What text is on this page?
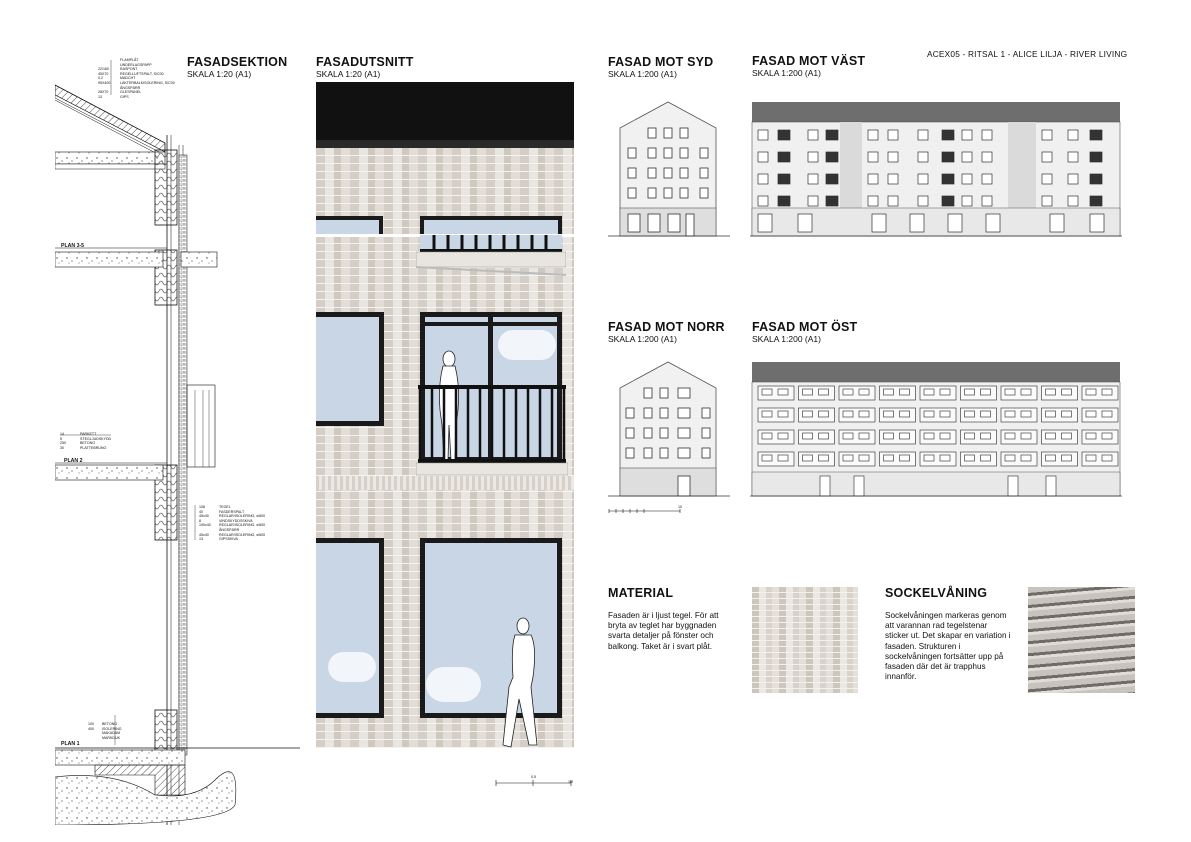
ACEX05 - RITSAL 1 - ALICE LILJA - RIVER LIVING
FASADSEKTION
SKALA 1:20 (A1)
PLAN 3-5
PLAN 2
PLAN 1
FLAMPLÅT
UNDERLAGSPAPP
22/160	RASPONT
45X70	REGELLUFTSPALT, S/C00
0,2	MADCHT
95X400	LÄKTERBALKISOLERING, S/C00
ÅNGSPÄRR
28X70	GLESPANEL
13	GIPS
14	PARKETT
5	STEGLJUDSKYDD
250	BETONG
30	PLATTEBRUNO
108	TEGEL
40	FASDERSPALT
45x40	REGLAR/ISOLERING, s/600
8	VINDSKYDDSSKIVA
190x40 REGLAR/ISOLERING, s/600
ÅNGSPÄRR
45x40	REGLAR/ISOLERING, s/600
13	GIPSSKIVA
100 BETONG
400 ISOLERING
MAKADAM
MARKDUK
FASADUTSNITT
SKALA 1:20 (A1)
0,5
1M
FASAD MOT SYD
SKALA 1:200 (A1)
FASAD MOT VÄST
SKALA 1:200 (A1)
FASAD MOT NORR
SKALA 1:200 (A1)
FASAD MOT ÖST
SKALA 1:200 (A1)
10
MATERIAL
Fasaden är i ljust tegel. För att bryta av teglet har byggnaden svarta detaljer på fönster och balkong. Taket är i svart plåt.
SOCKELVÅNING
Sockelvåningen markeras genom att varannan rad tegelstenar sticker ut. Det skapar en variation i fasaden. Strukturen i sockelvåningen fortsätter upp på fasaden där det är trapphus innanför.
